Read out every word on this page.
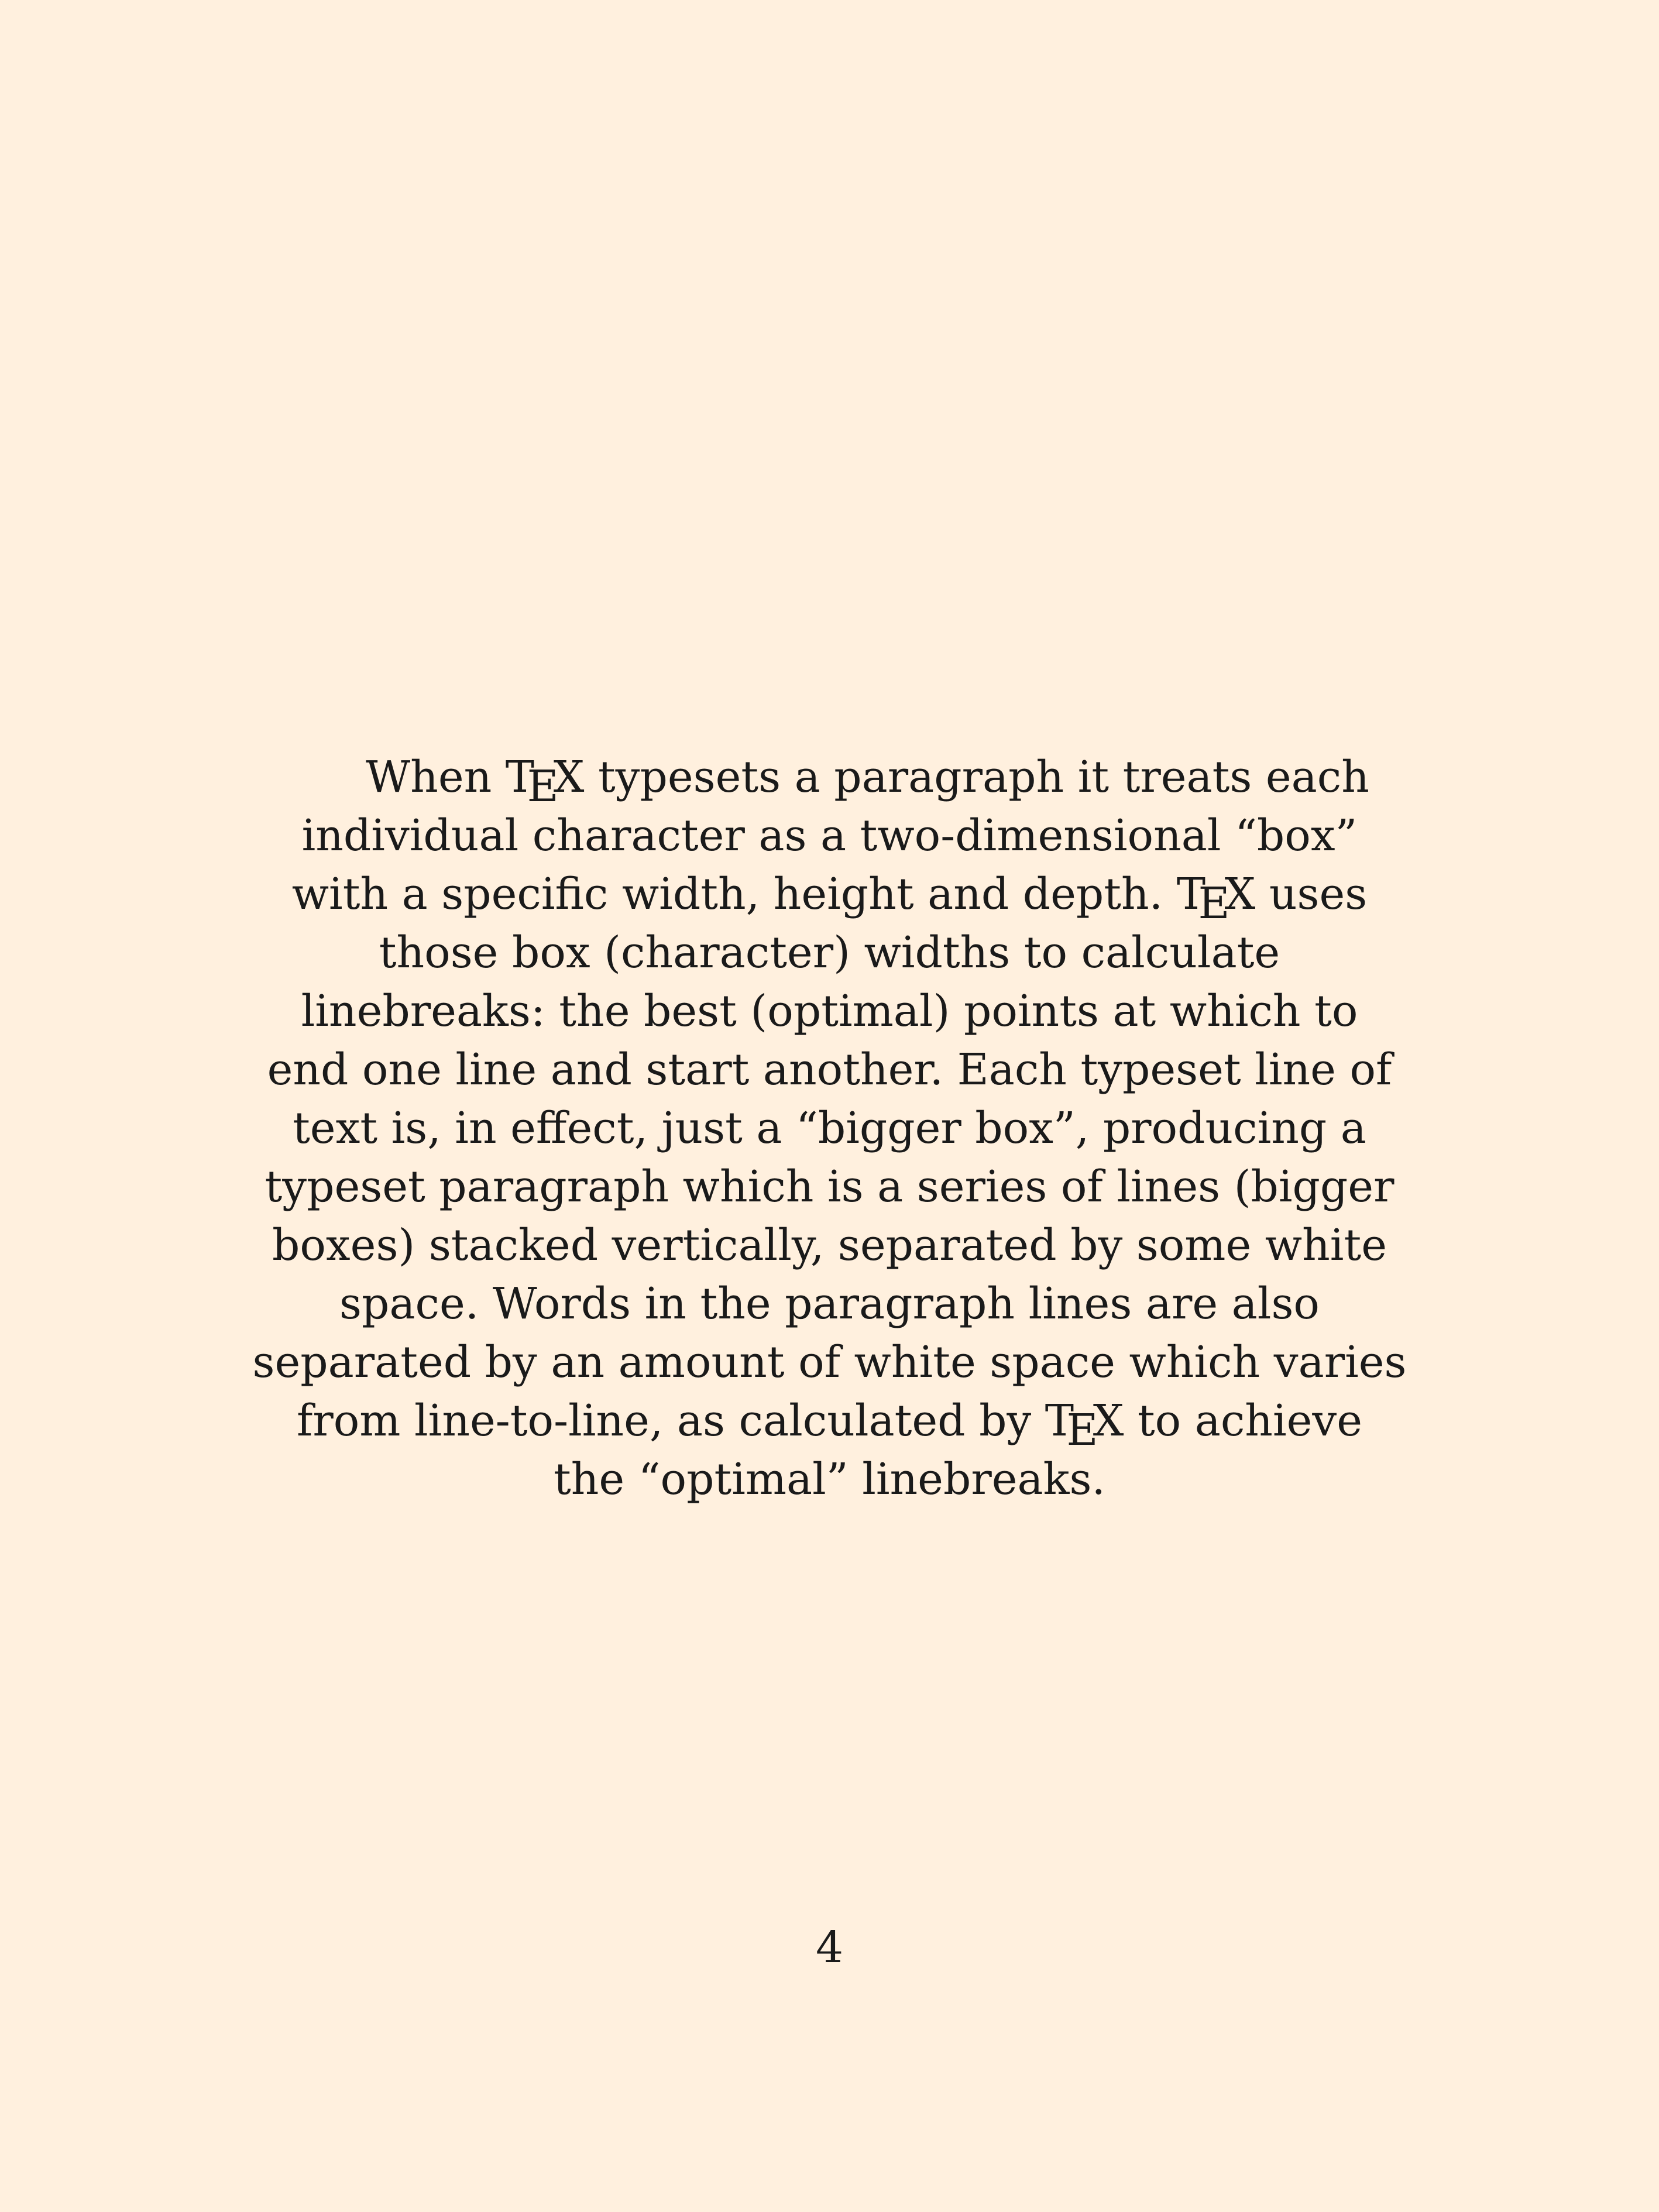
When TEX typesets a paragraph it treats each
individual character as a two-dimensional “box”
with a specific width, height and depth. TEX uses
those box (character) widths to calculate
linebreaks: the best (optimal) points at which to
end one line and start another. Each typeset line of
text is, in effect, just a “bigger box”, producing a
typeset paragraph which is a series of lines (bigger
boxes) stacked vertically, separated by some white
space. Words in the paragraph lines are also
separated by an amount of white space which varies
from line-to-line, as calculated by TEX to achieve
the “optimal” linebreaks.
4
